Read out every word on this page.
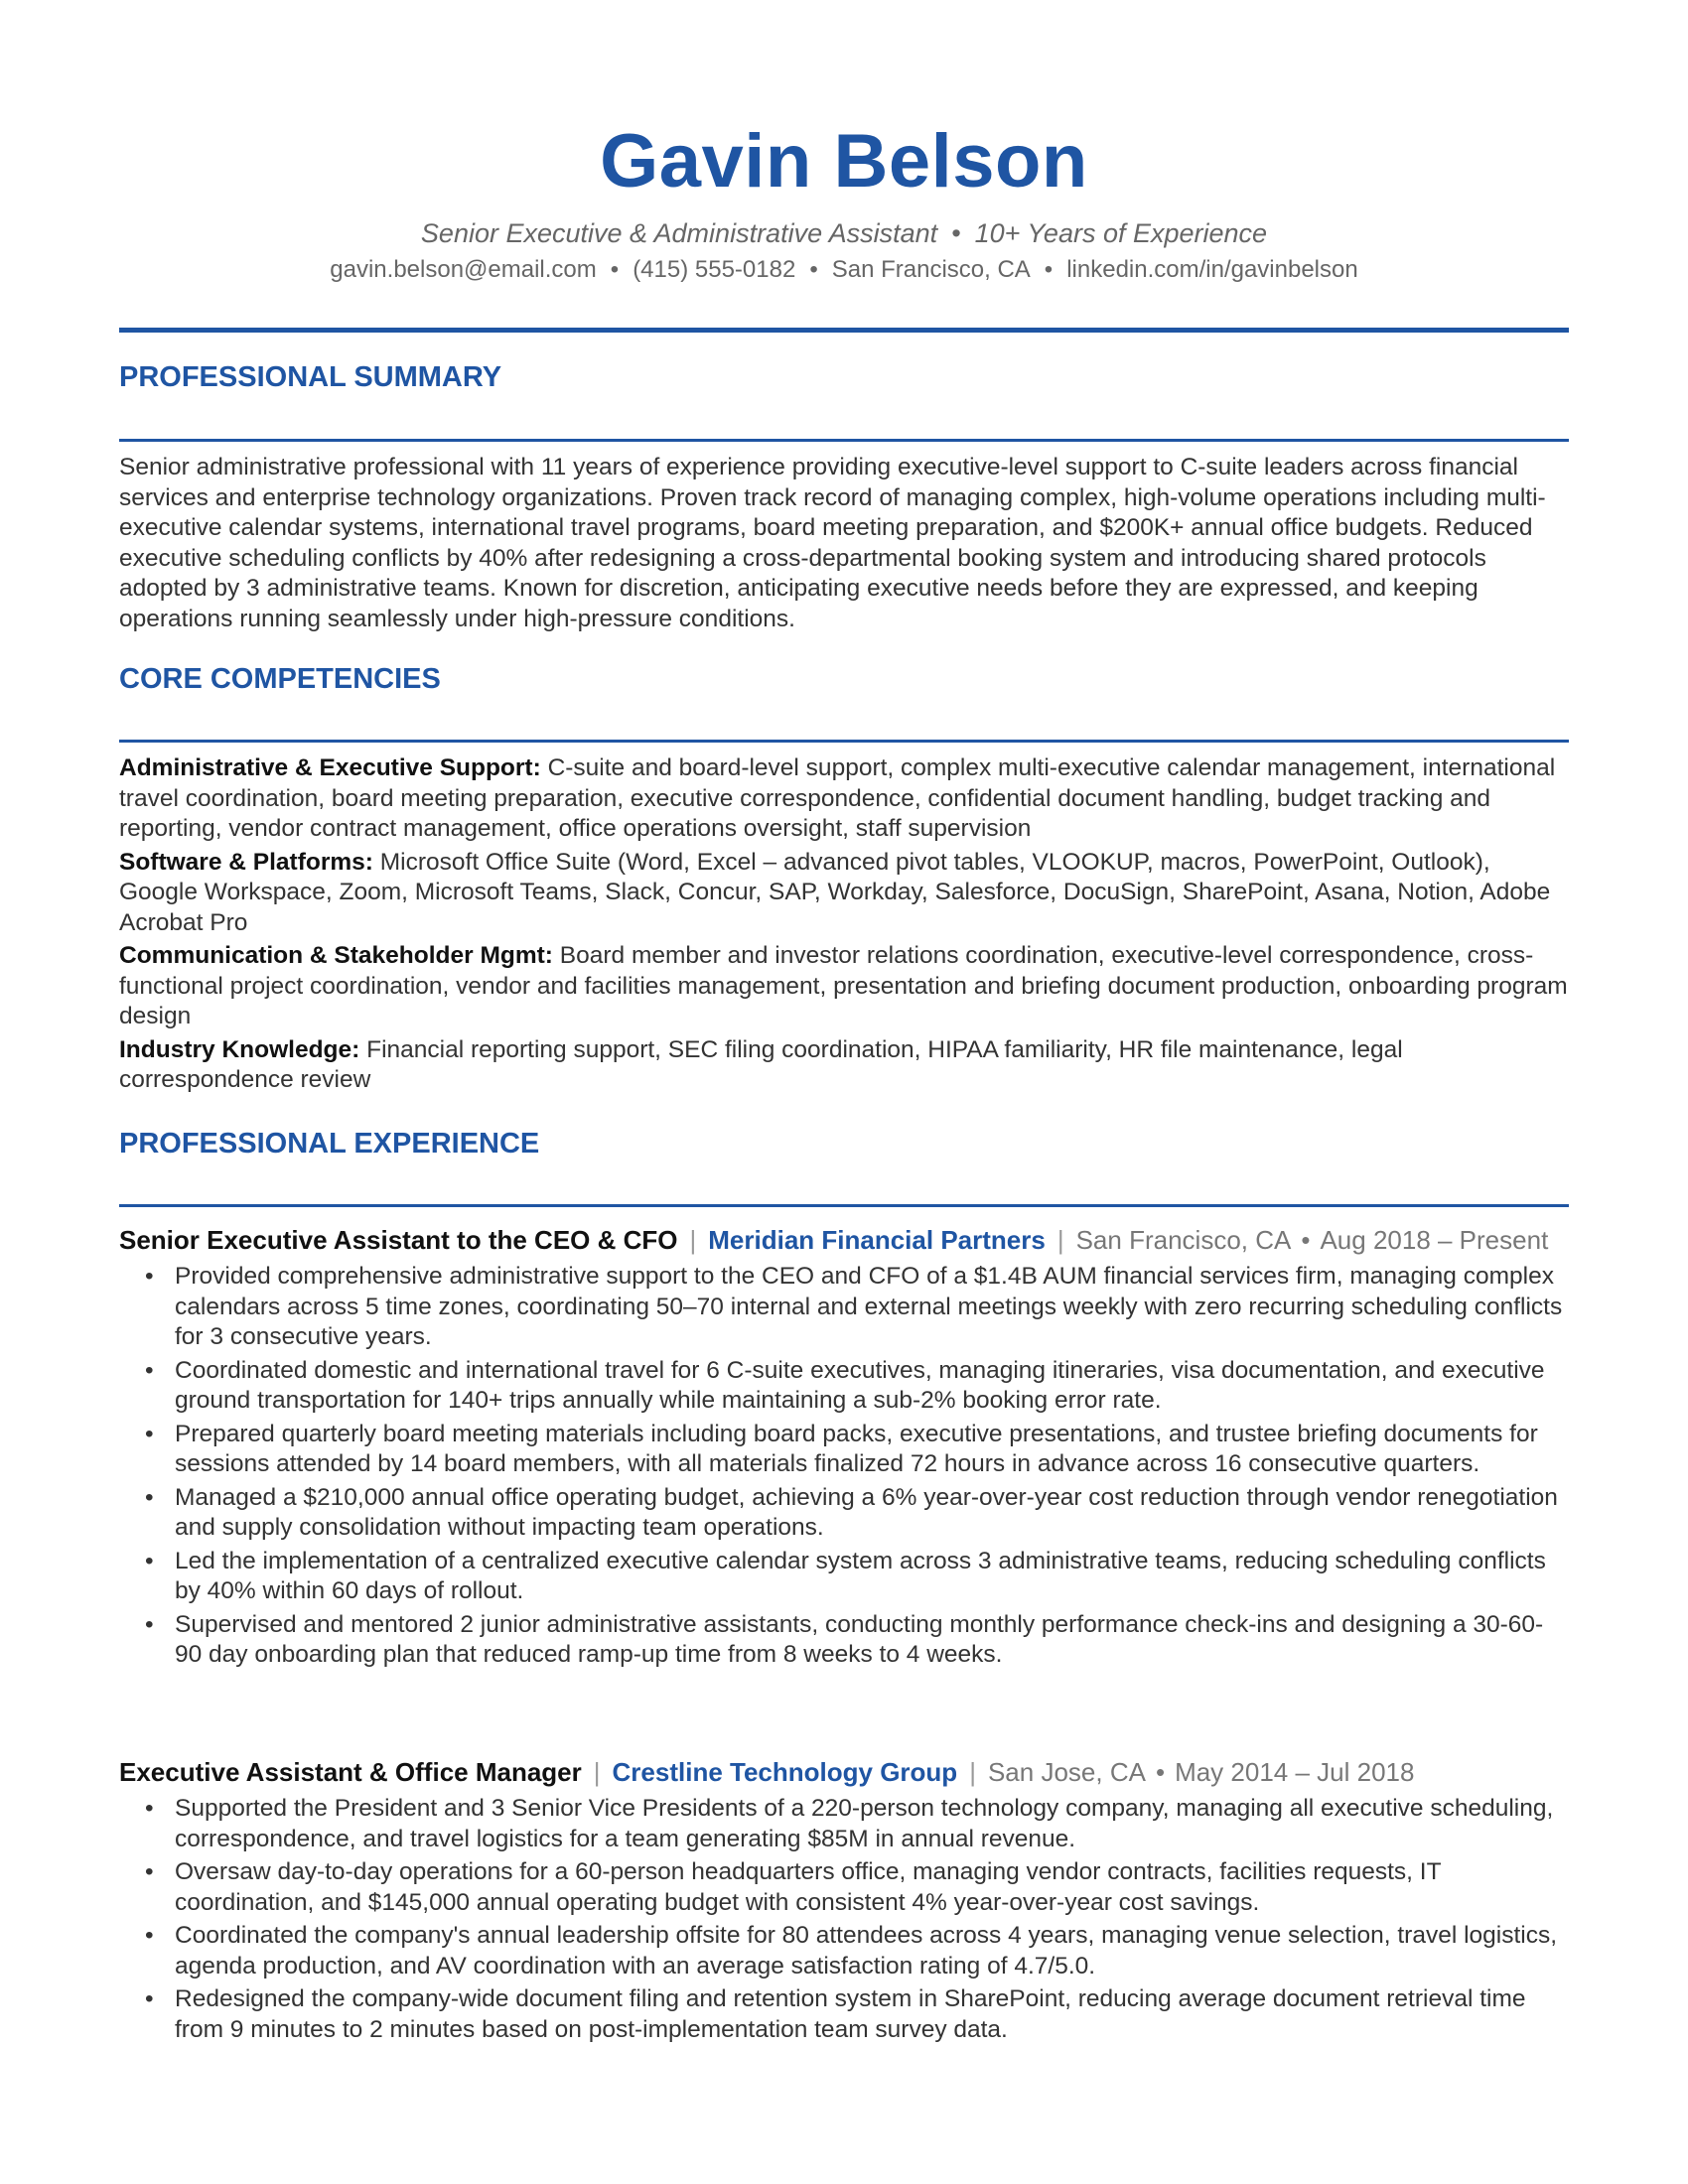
Gavin Belson
Senior Executive & Administrative Assistant • 10+ Years of Experience
gavin.belson@email.com • (415) 555-0182 • San Francisco, CA • linkedin.com/in/gavinbelson
PROFESSIONAL SUMMARY
Senior administrative professional with 11 years of experience providing executive-level support to C-suite leaders across financial services and enterprise technology organizations. Proven track record of managing complex, high-volume operations including multi-executive calendar systems, international travel programs, board meeting preparation, and $200K+ annual office budgets. Reduced executive scheduling conflicts by 40% after redesigning a cross-departmental booking system and introducing shared protocols adopted by 3 administrative teams. Known for discretion, anticipating executive needs before they are expressed, and keeping operations running seamlessly under high-pressure conditions.
CORE COMPETENCIES
Administrative & Executive Support: C-suite and board-level support, complex multi-executive calendar management, international travel coordination, board meeting preparation, executive correspondence, confidential document handling, budget tracking and reporting, vendor contract management, office operations oversight, staff supervision
Software & Platforms: Microsoft Office Suite (Word, Excel – advanced pivot tables, VLOOKUP, macros, PowerPoint, Outlook), Google Workspace, Zoom, Microsoft Teams, Slack, Concur, SAP, Workday, Salesforce, DocuSign, SharePoint, Asana, Notion, Adobe Acrobat Pro
Communication & Stakeholder Mgmt: Board member and investor relations coordination, executive-level correspondence, cross-functional project coordination, vendor and facilities management, presentation and briefing document production, onboarding program design
Industry Knowledge: Financial reporting support, SEC filing coordination, HIPAA familiarity, HR file maintenance, legal correspondence review
PROFESSIONAL EXPERIENCE
Senior Executive Assistant to the CEO & CFO | Meridian Financial Partners | San Francisco, CA • Aug 2018 – Present
• Provided comprehensive administrative support to the CEO and CFO of a $1.4B AUM financial services firm, managing complex calendars across 5 time zones, coordinating 50–70 internal and external meetings weekly with zero recurring scheduling conflicts for 3 consecutive years.
• Coordinated domestic and international travel for 6 C-suite executives, managing itineraries, visa documentation, and executive ground transportation for 140+ trips annually while maintaining a sub-2% booking error rate.
• Prepared quarterly board meeting materials including board packs, executive presentations, and trustee briefing documents for sessions attended by 14 board members, with all materials finalized 72 hours in advance across 16 consecutive quarters.
• Managed a $210,000 annual office operating budget, achieving a 6% year-over-year cost reduction through vendor renegotiation and supply consolidation without impacting team operations.
• Led the implementation of a centralized executive calendar system across 3 administrative teams, reducing scheduling conflicts by 40% within 60 days of rollout.
• Supervised and mentored 2 junior administrative assistants, conducting monthly performance check-ins and designing a 30-60-90 day onboarding plan that reduced ramp-up time from 8 weeks to 4 weeks.
Executive Assistant & Office Manager | Crestline Technology Group | San Jose, CA • May 2014 – Jul 2018
• Supported the President and 3 Senior Vice Presidents of a 220-person technology company, managing all executive scheduling, correspondence, and travel logistics for a team generating $85M in annual revenue.
• Oversaw day-to-day operations for a 60-person headquarters office, managing vendor contracts, facilities requests, IT coordination, and $145,000 annual operating budget with consistent 4% year-over-year cost savings.
• Coordinated the company's annual leadership offsite for 80 attendees across 4 years, managing venue selection, travel logistics, agenda production, and AV coordination with an average satisfaction rating of 4.7/5.0.
• Redesigned the company-wide document filing and retention system in SharePoint, reducing average document retrieval time from 9 minutes to 2 minutes based on post-implementation team survey data.
